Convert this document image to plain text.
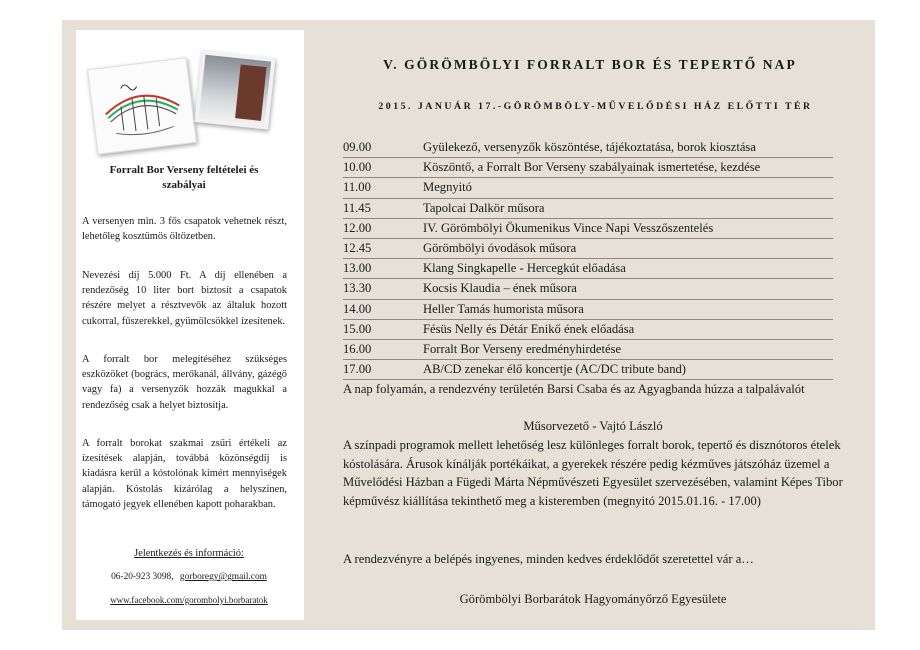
Forralt Bor Verseny feltételei és
szabályai

A versenyen min. 3 fős csapatok vehetnek részt, lehetőleg kosztümös öltözetben.

Nevezési díj 5.000 Ft. A díj ellenében a rendezőség 10 liter bort biztosít a csapatok részére melyet a résztvevők az általuk hozott cukorral, fűszerekkel, gyümölcsökkel ízesítenek.

A forralt bor melegítéséhez szükséges eszközöket (bogrács, merőkanál, állvány, gázégő vagy fa) a versenyzők hozzák magukkal a rendezőség csak a helyet biztosítja.

A forralt borokat szakmai zsűri értékeli az ízesítések alapján, továbbá közönségdíj is kiadásra kerül a kóstolónak kimért mennyiségek alapján. Kóstolás kizárólag a helyszínen, támogató jegyek ellenében kapott poharakban.

Jelentkezés és információ:
06-20-923 3098, gorboregy@gmail.com
www.facebook.com/gorombolyi.borbaratok
V. GÖRÖMBÖLYI FORRALT BOR ÉS TEPERTŐ NAP
2015. JANUÁR 17.-GÖRÖMBÖLY-MŰVELŐDÉSI HÁZ ELŐTTI TÉR
09.00	Gyülekező, versenyzők köszöntése, tájékoztatása, borok kiosztása
10.00	Köszöntő, a Forralt Bor Verseny szabályainak ismertetése, kezdése
11.00	Megnyitó
11.45	Tapolcai Dalkör műsora
12.00	IV. Görömbölyi Ökumenikus Vince Napi Vesszőszentelés
12.45	Görömbölyi óvodások műsora
13.00	Klang Singkapelle - Hercegkút előadása
13.30	Kocsis Klaudia – ének műsora
14.00	Heller Tamás humorista műsora
15.00	Fésüs Nelly és Détár Enikő ének előadása
16.00	Forralt Bor Verseny eredményhirdetése
17.00	AB/CD zenekar élő koncertje (AC/DC tribute band)

A nap folyamán, a rendezvény területén Barsi Csaba és az Agyagbanda húzza a talpalávalót

Műsorvezető - Vajtó László

A színpadi programok mellett lehetőség lesz különleges forralt borok, tepertő és disznótoros ételek kóstolására. Árusok kínálják portékáikat, a gyerekek részére pedig kézműves játszóház üzemel a Művelődési Házban a Fügedi Márta Népművészeti Egyesület szervezésében, valamint Képes Tibor képművész kiállítása tekinthető meg a kisteremben (megnyitó 2015.01.16. - 17.00)

A rendezvényre a belépés ingyenes, minden kedves érdeklődőt szeretettel vár a…

Görömbölyi Borbarátok Hagyományőrző Egyesülete
